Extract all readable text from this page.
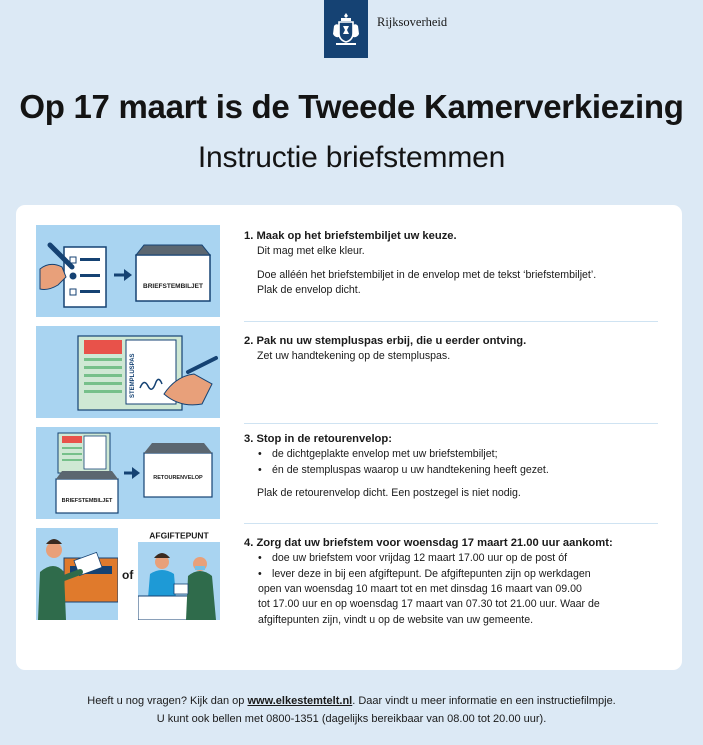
Rijksoverheid
Op 17 maart is de Tweede Kamerverkiezing
Instructie briefstemmen
BRIEFSTEMBILJET
STEMPLUSPAS
BRIEFSTEMBILJET
RETOURENVELOP
of
AFGIFTEPUNT
1. Maak op het briefstembiljet uw keuze.
Dit mag met elke kleur.
Doe alléén het briefstembiljet in de envelop met de tekst ‘briefstembiljet’.
Plak de envelop dicht.
2. Pak nu uw stempluspas erbij, die u eerder ontving.
Zet uw handtekening op de stempluspas.
3. Stop in de retourenvelop:
• de dichtgeplakte envelop met uw briefstembiljet;
• én de stempluspas waarop u uw handtekening heeft gezet.
Plak de retourenvelop dicht. Een postzegel is niet nodig.
4. Zorg dat uw briefstem voor woensdag 17 maart 21.00 uur aankomt:
• doe uw briefstem voor vrijdag 12 maart 17.00 uur op de post óf
• lever deze in bij een afgiftepunt. De afgiftepunten zijn op werkdagen
open van woensdag 10 maart tot en met dinsdag 16 maart van 09.00
tot 17.00 uur en op woensdag 17 maart van 07.30 tot 21.00 uur. Waar de
afgiftepunten zijn, vindt u op de website van uw gemeente.
Heeft u nog vragen? Kijk dan op www.elkestemtelt.nl. Daar vindt u meer informatie en een instructiefilmpje.
U kunt ook bellen met 0800-1351 (dagelijks bereikbaar van 08.00 tot 20.00 uur).
